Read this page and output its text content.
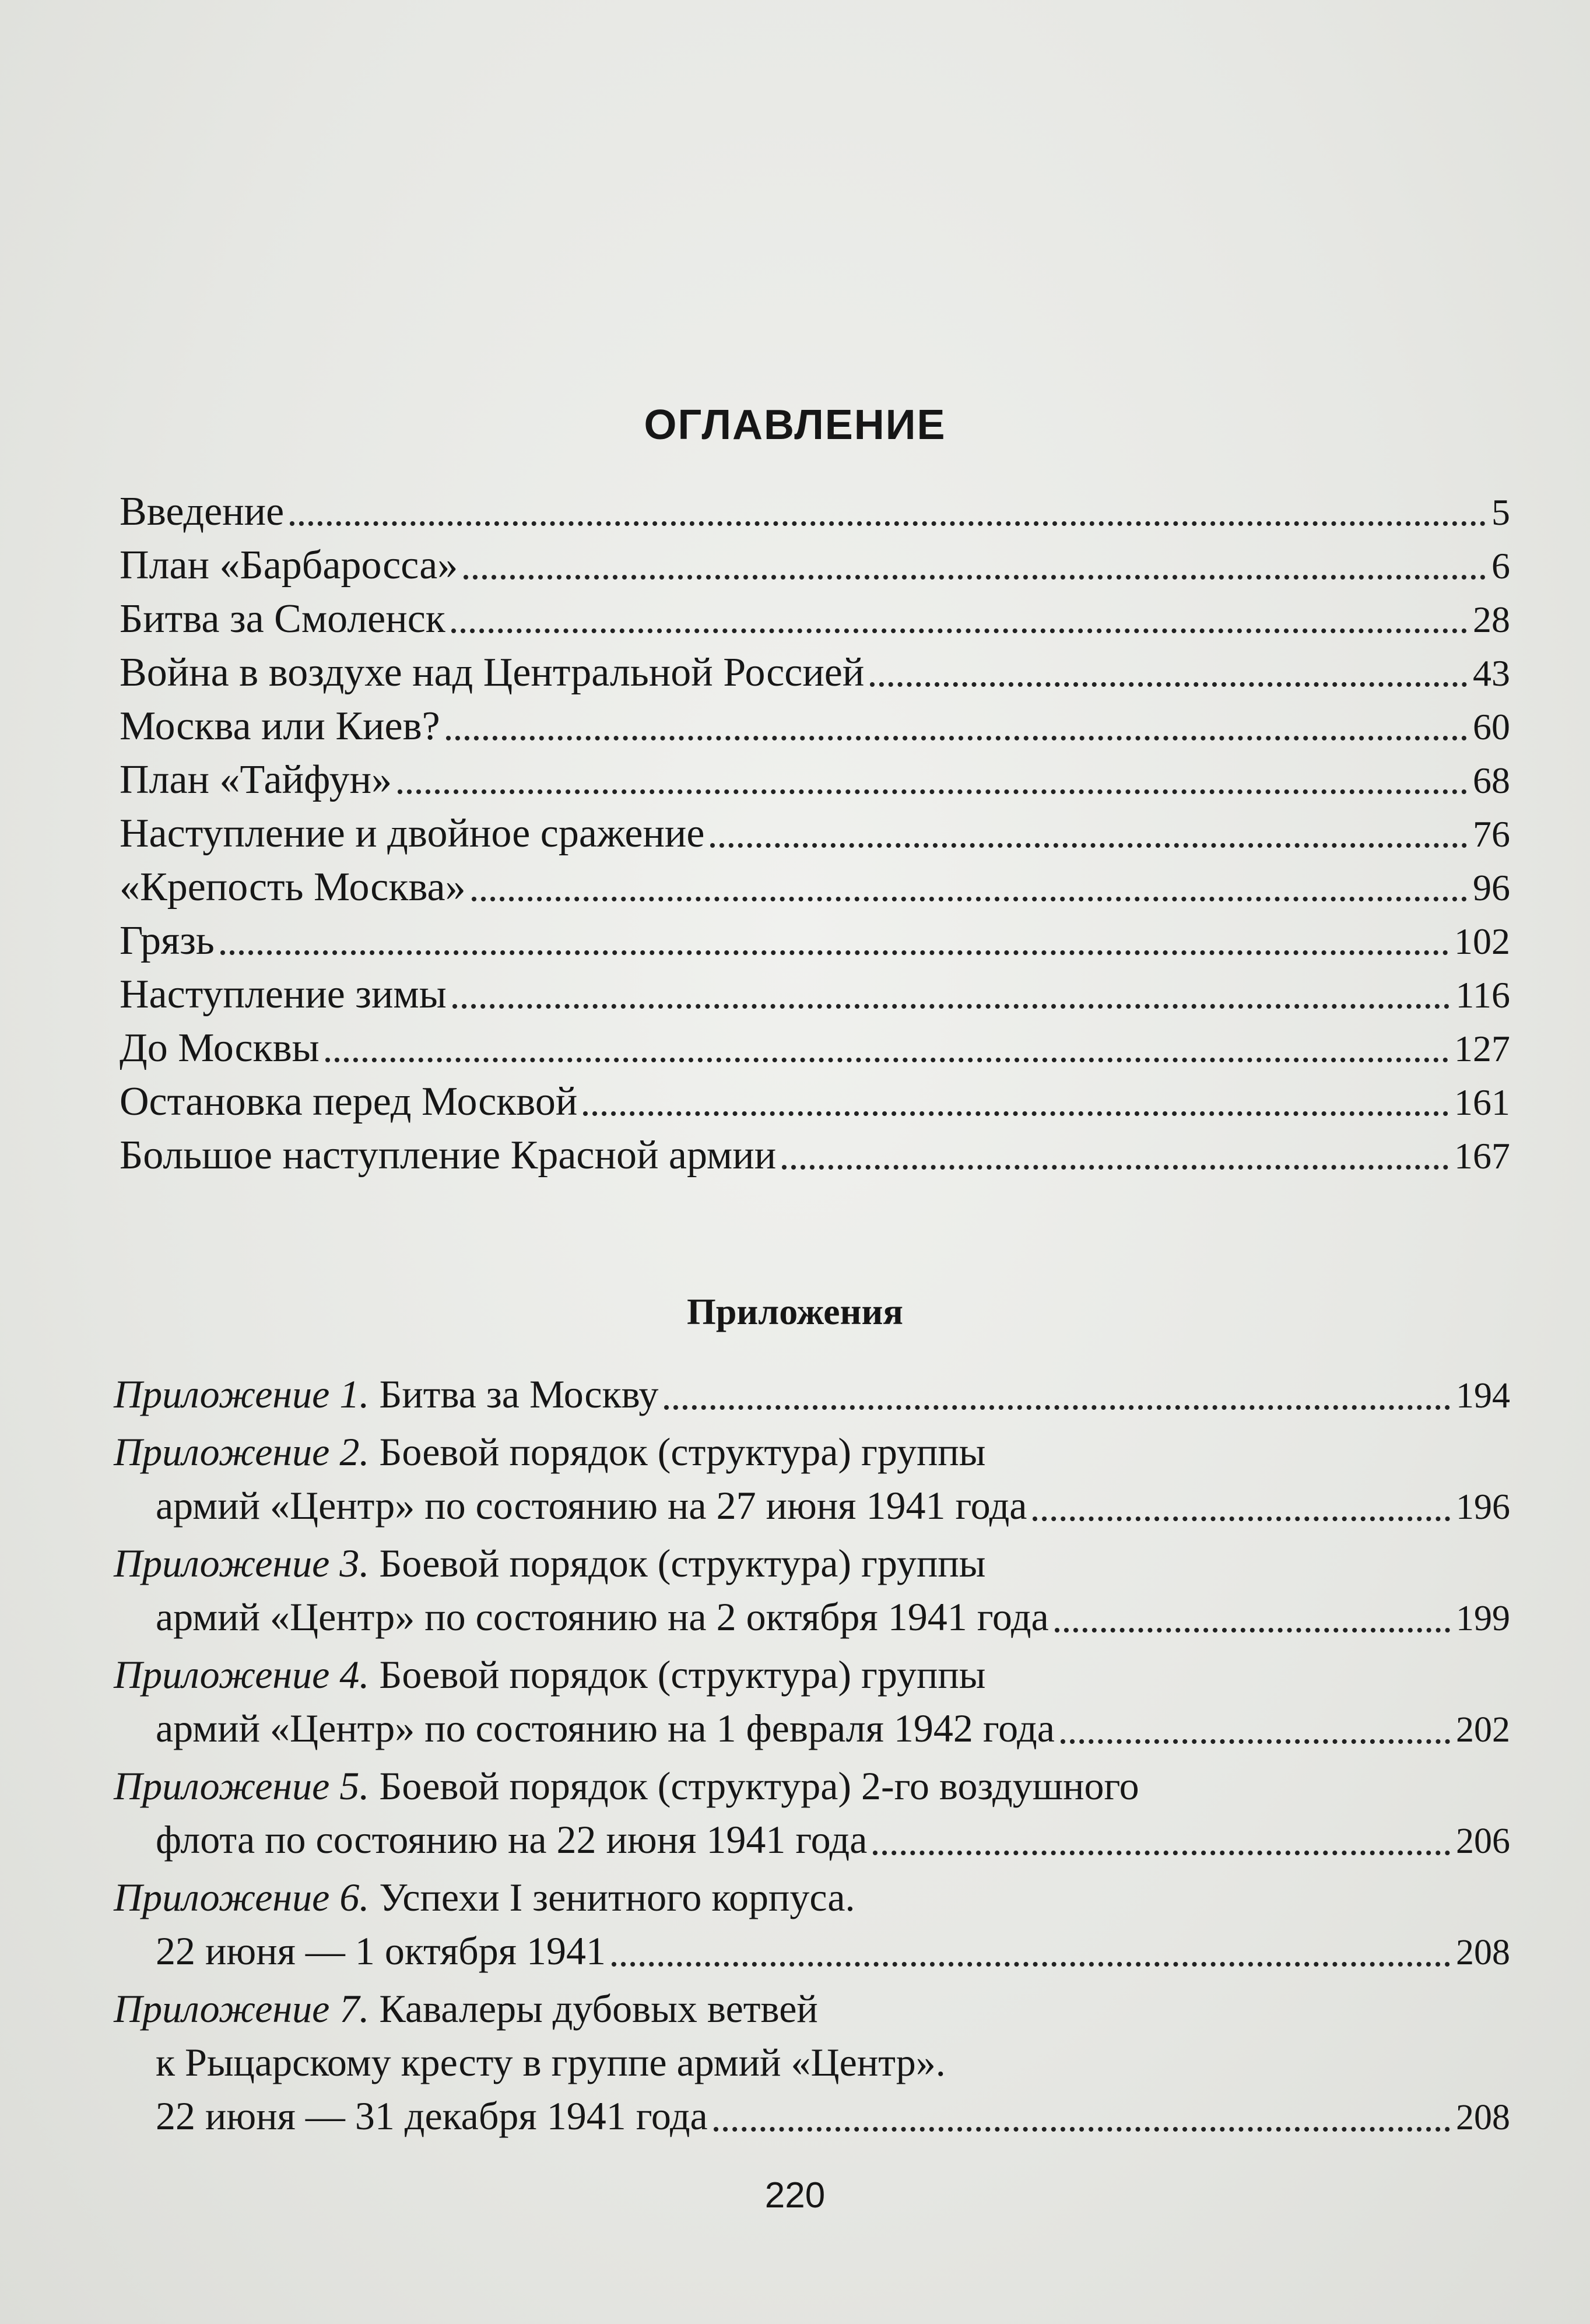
ОГЛАВЛЕНИЕ
Введение	5
План «Барбаросса»	6
Битва за Смоленск	28
Война в воздухе над Центральной Россией	43
Москва или Киев?	60
План «Тайфун»	68
Наступление и двойное сражение	76
«Крепость Москва»	96
Грязь	102
Наступление зимы	116
До Москвы	127
Остановка перед Москвой	161
Большое наступление Красной армии	167
Приложения
Приложение 1. Битва за Москву	194
Приложение 2. Боевой порядок (структура) группы
армий «Центр» по состоянию на 27 июня 1941 года	196
Приложение 3. Боевой порядок (структура) группы
армий «Центр» по состоянию на 2 октября 1941 года	199
Приложение 4. Боевой порядок (структура) группы
армий «Центр» по состоянию на 1 февраля 1942 года	202
Приложение 5. Боевой порядок (структура) 2-го воздушного
флота по состоянию на 22 июня 1941 года	206
Приложение 6. Успехи I зенитного корпуса.
22 июня — 1 октября 1941	208
Приложение 7. Кавалеры дубовых ветвей
к Рыцарскому кресту в группе армий «Центр».
22 июня — 31 декабря 1941 года	208
220
